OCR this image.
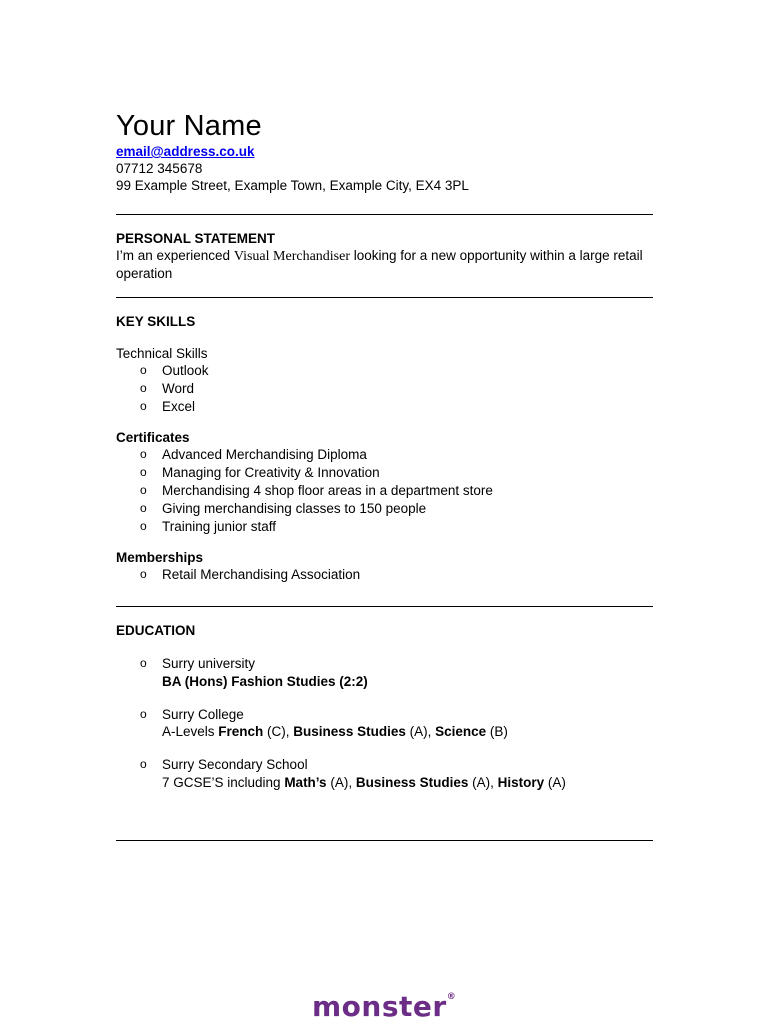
Your Name
email@address.co.uk
07712 345678
99 Example Street, Example Town, Example City, EX4 3PL
PERSONAL STATEMENT
I’m an experienced Visual Merchandiser looking for a new opportunity within a large retail operation
KEY SKILLS
Technical Skills
o Outlook
o Word
o Excel
Certificates
o Advanced Merchandising Diploma
o Managing for Creativity & Innovation
o Merchandising 4 shop floor areas in a department store
o Giving merchandising classes to 150 people
o Training junior staff
Memberships
o Retail Merchandising Association
EDUCATION
o Surry university
BA (Hons) Fashion Studies (2:2)
o Surry College
A-Levels French (C), Business Studies (A), Science (B)
o Surry Secondary School
7 GCSE’S including Math’s (A), Business Studies (A), History (A)
monster®
